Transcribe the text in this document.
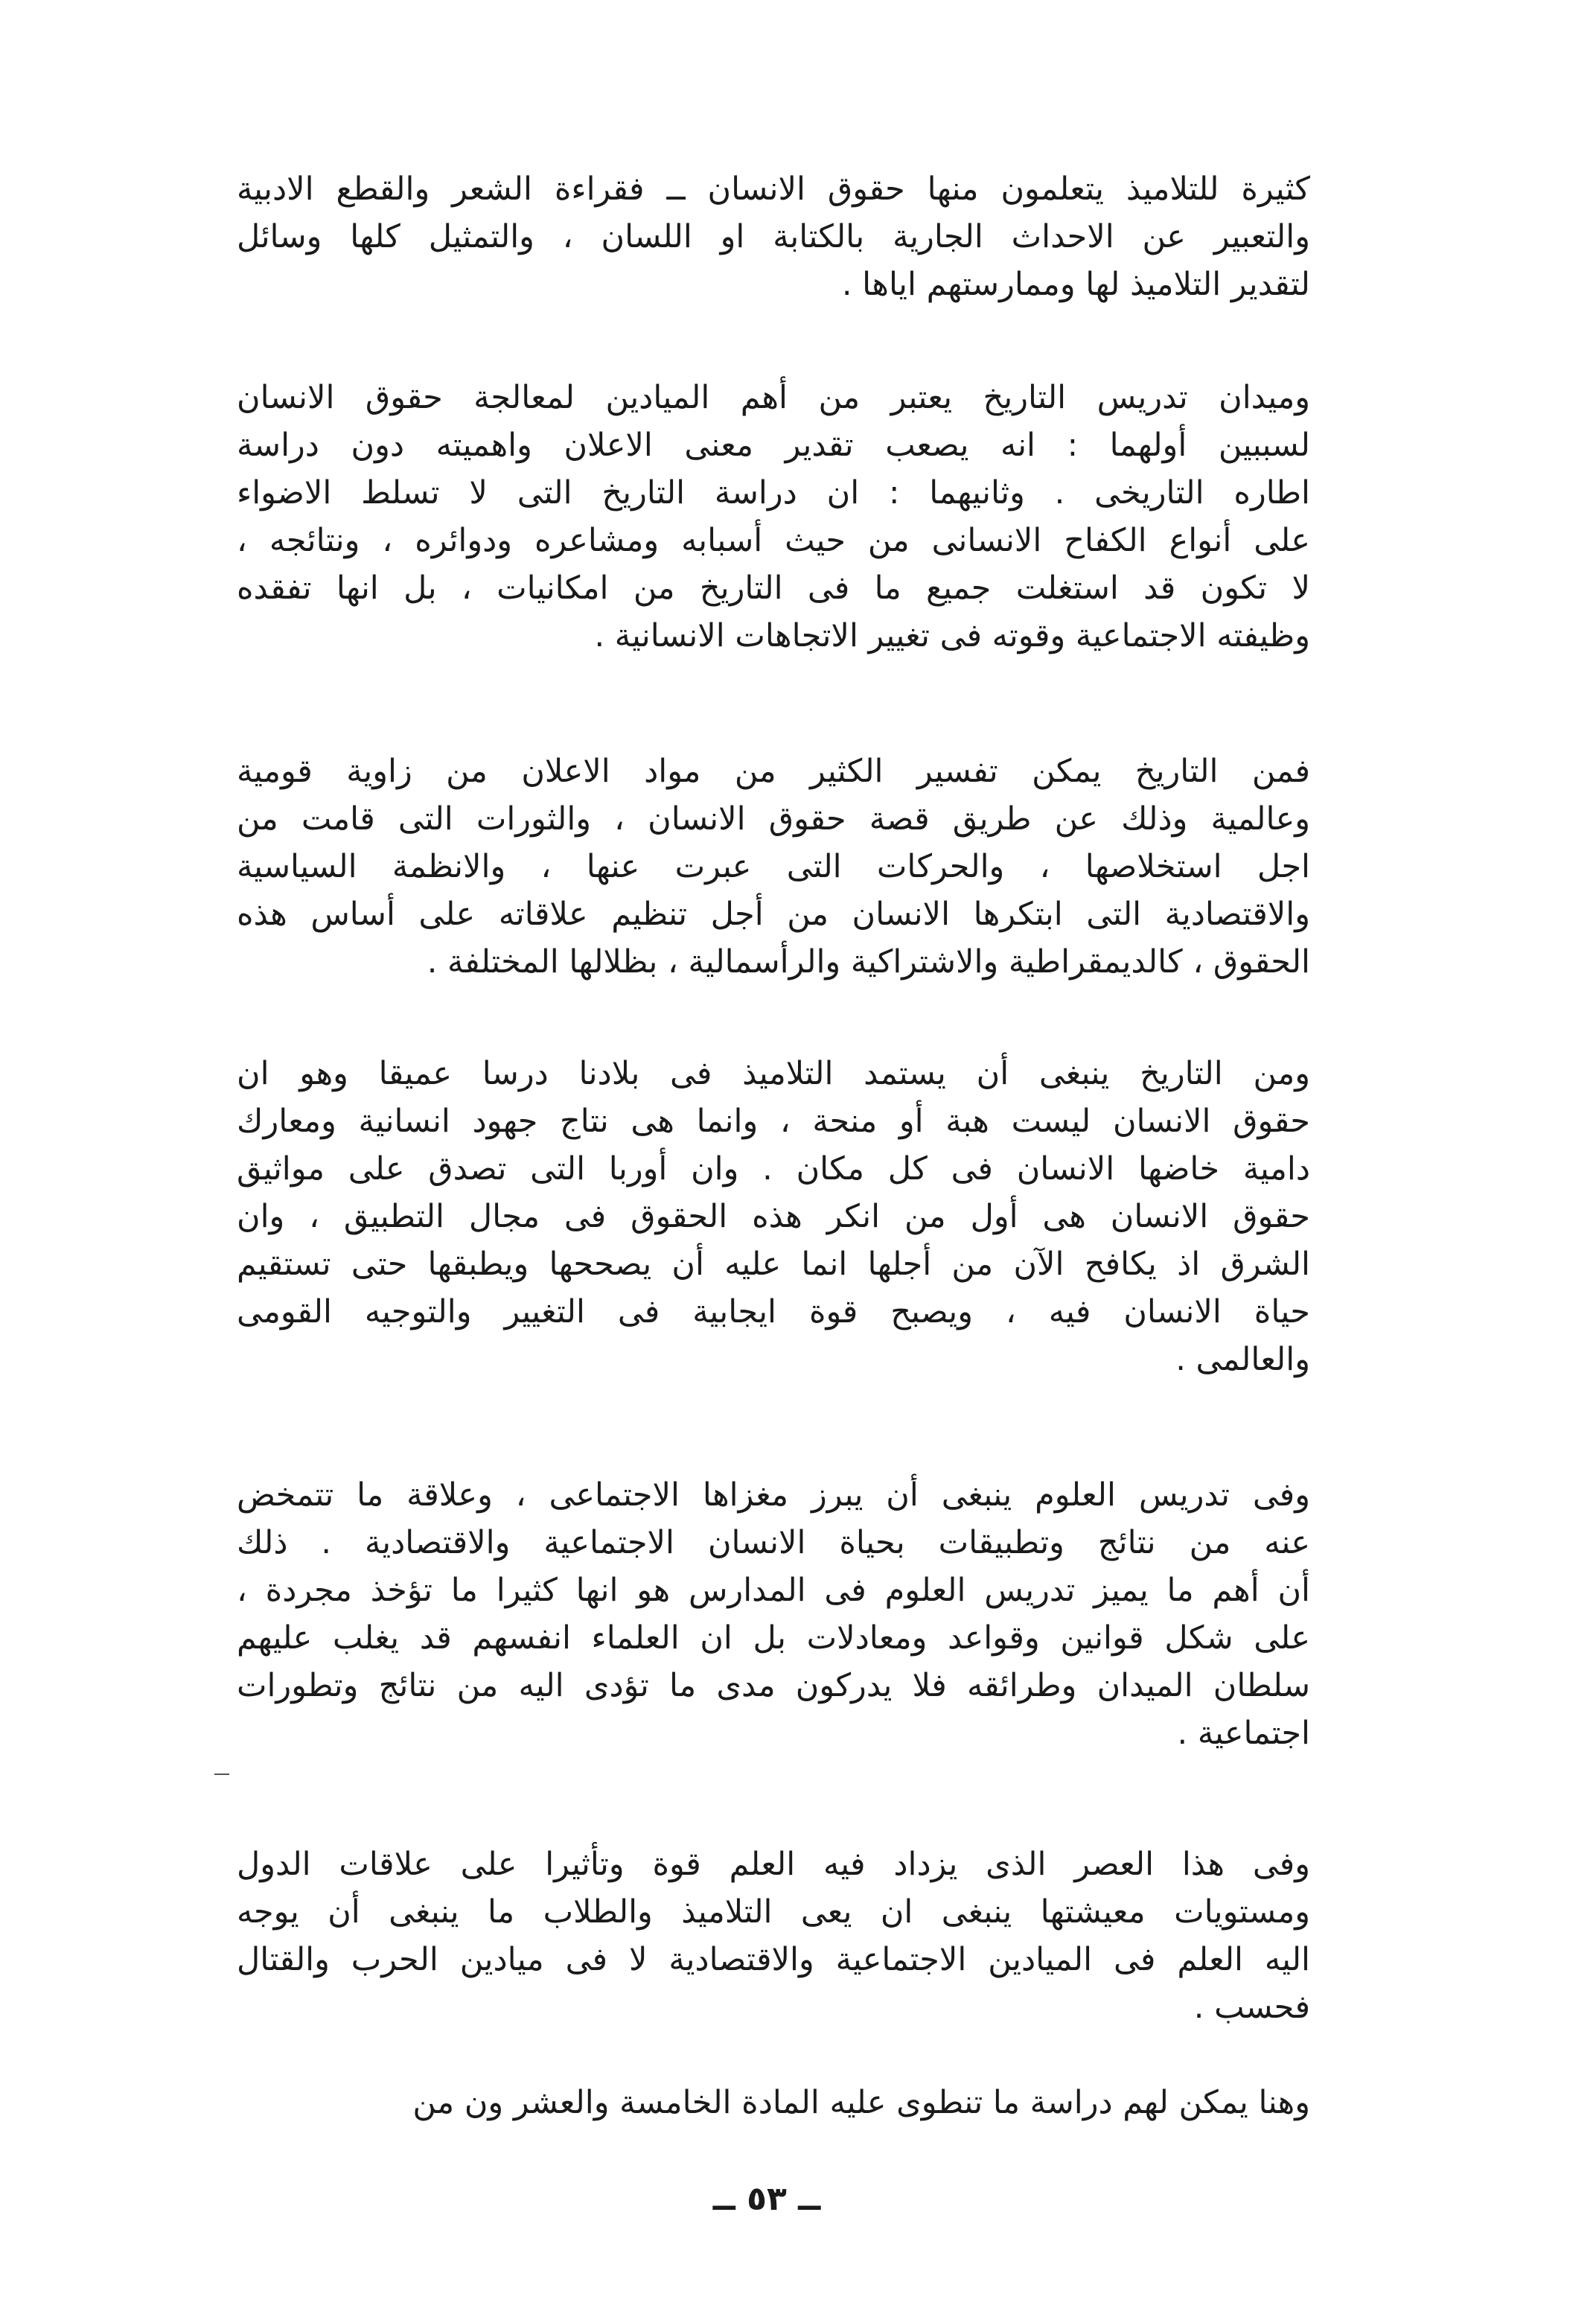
كثيرة للتلاميذ يتعلمون منها حقوق الانسان ــ فقراءة الشعر والقطع الادبية
والتعبير عن الاحداث الجارية بالكتابة او اللسان ، والتمثيل كلها وسائل
لتقدير التلاميذ لها وممارستهم اياها .
وميدان تدريس التاريخ يعتبر من أهم الميادين لمعالجة حقوق الانسان
لسببين أولهما : انه يصعب تقدير معنى الاعلان واهميته دون دراسة
اطاره التاريخى . وثانيهما : ان دراسة التاريخ التى لا تسلط الاضواء
على أنواع الكفاح الانسانى من حيث أسبابه ومشاعره ودوائره ، ونتائجه ،
لا تكون قد استغلت جميع ما فى التاريخ من امكانيات ، بل انها تفقده
وظيفته الاجتماعية وقوته فى تغيير الاتجاهات الانسانية .
فمن التاريخ يمكن تفسير الكثير من مواد الاعلان من زاوية قومية
وعالمية وذلك عن طريق قصة حقوق الانسان ، والثورات التى قامت من
اجل استخلاصها ، والحركات التى عبرت عنها ، والانظمة السياسية
والاقتصادية التى ابتكرها الانسان من أجل تنظيم علاقاته على أساس هذه
الحقوق ، كالديمقراطية والاشتراكية والرأسمالية ، بظلالها المختلفة .
ومن التاريخ ينبغى أن يستمد التلاميذ فى بلادنا درسا عميقا وهو ان
حقوق الانسان ليست هبة أو منحة ، وانما هى نتاج جهود انسانية ومعارك
دامية خاضها الانسان فى كل مكان . وان أوربا التى تصدق على مواثيق
حقوق الانسان هى أول من انكر هذه الحقوق فى مجال التطبيق ، وان
الشرق اذ يكافح الآن من أجلها انما عليه أن يصححها ويطبقها حتى تستقيم
حياة الانسان فيه ، ويصبح قوة ايجابية فى التغيير والتوجيه القومى
والعالمى .
وفى تدريس العلوم ينبغى أن يبرز مغزاها الاجتماعى ، وعلاقة ما تتمخض
عنه من نتائج وتطبيقات بحياة الانسان الاجتماعية والاقتصادية . ذلك
أن أهم ما يميز تدريس العلوم فى المدارس هو انها كثيرا ما تؤخذ مجردة ،
على شكل قوانين وقواعد ومعادلات بل ان العلماء انفسهم قد يغلب عليهم
سلطان الميدان وطرائقه فلا يدركون مدى ما تؤدى اليه من نتائج وتطورات
اجتماعية .
وفى هذا العصر الذى يزداد فيه العلم قوة وتأثيرا على علاقات الدول
ومستويات معيشتها ينبغى ان يعى التلاميذ والطلاب ما ينبغى أن يوجه
اليه العلم فى الميادين الاجتماعية والاقتصادية لا فى ميادين الحرب والقتال
فحسب .
وهنا يمكن لهم دراسة ما تنطوى عليه المادة الخامسة والعشر ون من
ــ ٥٣ ــ
